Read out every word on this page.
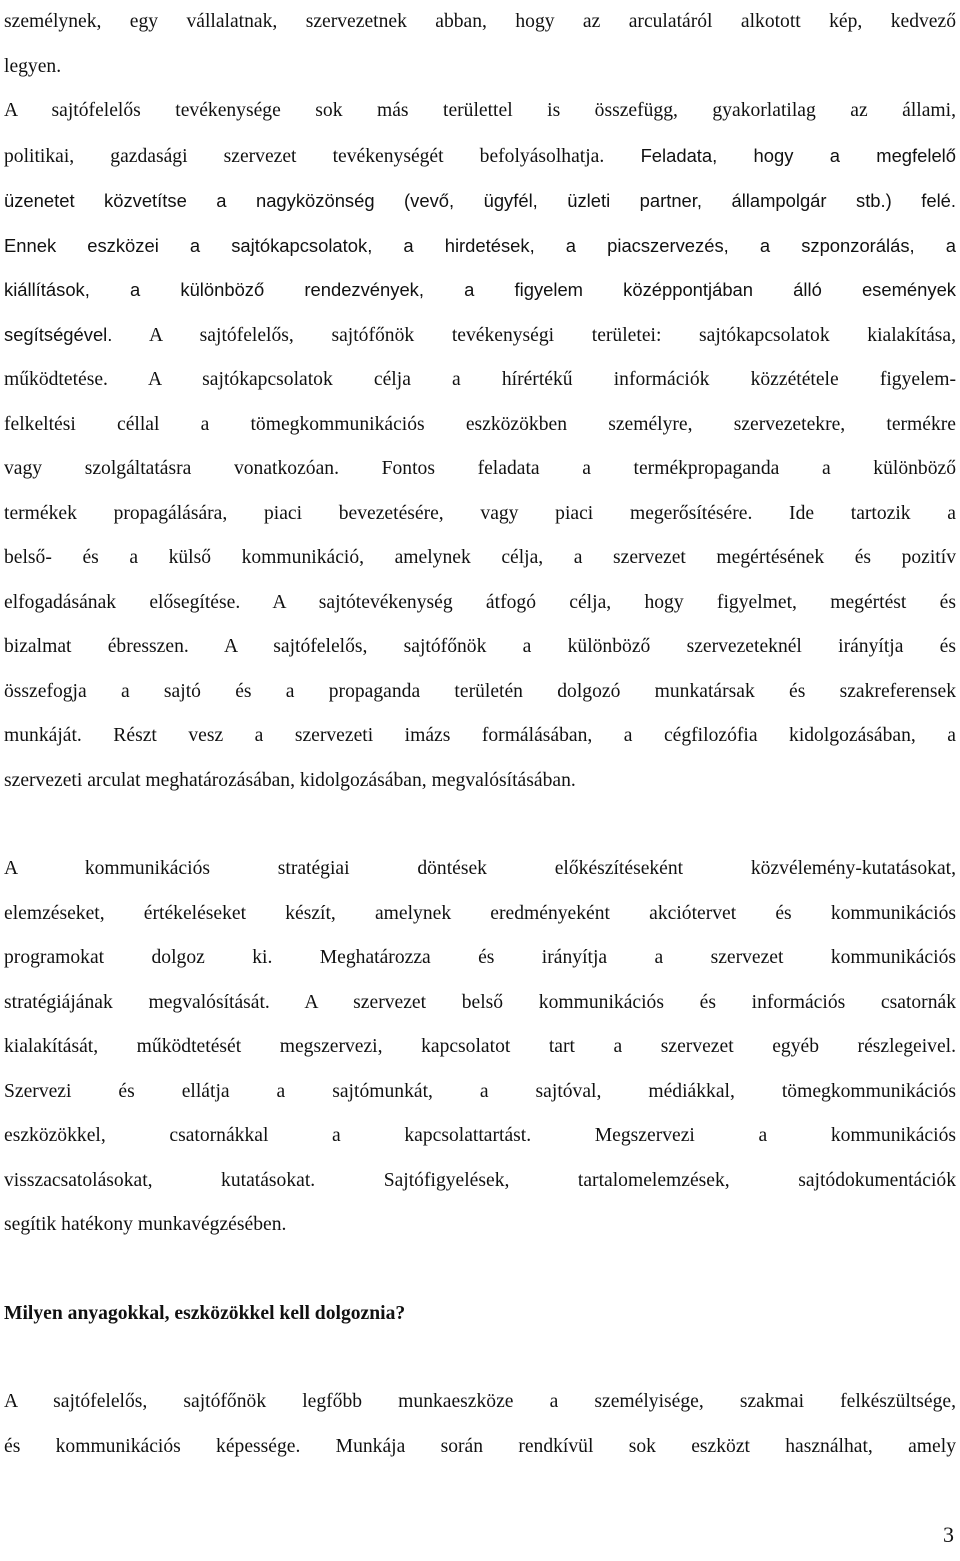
személynek, egy vállalatnak, szervezetnek abban, hogy az arculatáról alkotott kép, kedvező
legyen.
A sajtófelelős tevékenysége sok más területtel is összefügg, gyakorlatilag az állami,
politikai, gazdasági szervezet tevékenységét befolyásolhatja. Feladata, hogy a megfelelő
üzenetet közvetítse a nagyközönség (vevő, ügyfél, üzleti partner, állampolgár stb.) felé.
Ennek eszközei a sajtókapcsolatok, a hirdetések, a piacszervezés, a szponzorálás, a
kiállítások, a különböző rendezvények, a figyelem középpontjában álló események
segítségével. A sajtófelelős, sajtófőnök tevékenységi területei: sajtókapcsolatok kialakítása,
működtetése. A sajtókapcsolatok célja a hírértékű információk közzététele figyelem-
felkeltési céllal a tömegkommunikációs eszközökben személyre, szervezetekre, termékre
vagy szolgáltatásra vonatkozóan. Fontos feladata a termékpropaganda a különböző
termékek propagálására, piaci bevezetésére, vagy piaci megerősítésére. Ide tartozik a
belső- és a külső kommunikáció, amelynek célja, a szervezet megértésének és pozitív
elfogadásának elősegítése. A sajtótevékenység átfogó célja, hogy figyelmet, megértést és
bizalmat ébresszen. A sajtófelelős, sajtófőnök a különböző szervezeteknél irányítja és
összefogja a sajtó és a propaganda területén dolgozó munkatársak és szakreferensek
munkáját. Részt vesz a szervezeti imázs formálásában, a cégfilozófia kidolgozásában, a
szervezeti arculat meghatározásában, kidolgozásában, megvalósításában.
A kommunikációs stratégiai döntések előkészítéseként közvélemény-kutatásokat,
elemzéseket, értékeléseket készít, amelynek eredményeként akciótervet és kommunikációs
programokat dolgoz ki. Meghatározza és irányítja a szervezet kommunikációs
stratégiájának megvalósítását. A szervezet belső kommunikációs és információs csatornák
kialakítását, működtetését megszervezi, kapcsolatot tart a szervezet egyéb részlegeivel.
Szervezi és ellátja a sajtómunkát, a sajtóval, médiákkal, tömegkommunikációs
eszközökkel, csatornákkal a kapcsolattartást. Megszervezi a kommunikációs
visszacsatolásokat, kutatásokat. Sajtófigyelések, tartalomelemzések, sajtódokumentációk
segítik hatékony munkavégzésében.
Milyen anyagokkal, eszközökkel kell dolgoznia?
A sajtófelelős, sajtófőnök legfőbb munkaeszköze a személyisége, szakmai felkészültsége,
és kommunikációs képessége. Munkája során rendkívül sok eszközt használhat, amely
3
